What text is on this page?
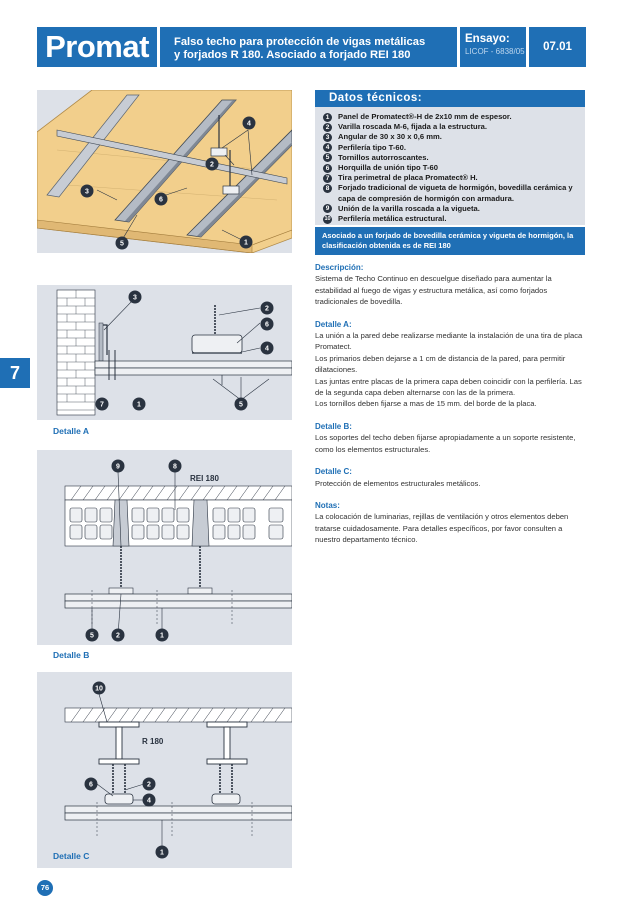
Promat	Falso techo para protección de vigas metálicas
y forjados R 180. Asociado a forjado REI 180
Ensayo:
LICOF - 6838/05	07.01
7
76
4
2
3
6
5	1
3
2
6
4
7	1	5
Detalle A
9	8
REI 180
5	2	1
Detalle B
R 180
10
6	2
4
1
Detalle C
Datos técnicos:
1	Panel de Promatect®-H de 2x10 mm de espesor.
2	Varilla roscada M-6, fijada a la estructura.
3	Angular de 30 x 30 x 0,6 mm.
4	Perfilería tipo T-60.
5	Tornillos autorroscantes.
6	Horquilla de unión tipo T-60
7	Tira perimetral de placa Promatect® H.
8	Forjado tradicional de vigueta de hormigón, bovedilla cerámica y capa de compresión de hormigón con armadura.
9	Unión de la varilla roscada a la vigueta.
10 Perfilería metálica estructural.
Asociado a un forjado de bovedilla cerámica y vigueta de hormigón, la clasificación obtenida es de REI 180
Descripción:

Sistema de Techo Continuo en descuelgue diseñado para aumentar la estabilidad al fuego de vigas y estructura metálica, así como forjados tradicionales de bovedilla.

Detalle A:

La unión a la pared debe realizarse mediante la instalación de una tira de placa Promatect.

Los primarios deben dejarse a 1 cm de distancia de la pared, para permitir dilataciones.

Las juntas entre placas de la primera capa deben coincidir con la perfilería. Las de la segunda capa deben alternarse con las de la primera.

Los tornillos deben fijarse a mas de 15 mm. del borde de la placa.

Detalle B:

Los soportes del techo deben fijarse apropiadamente a un soporte resistente, como los elementos estructurales.

Detalle C:

Protección de elementos estructurales metálicos.

Notas:

La colocación de luminarias, rejillas de ventilación y otros elementos deben tratarse cuidadosamente. Para detalles específicos, por favor consulten a nuestro departamento técnico.
